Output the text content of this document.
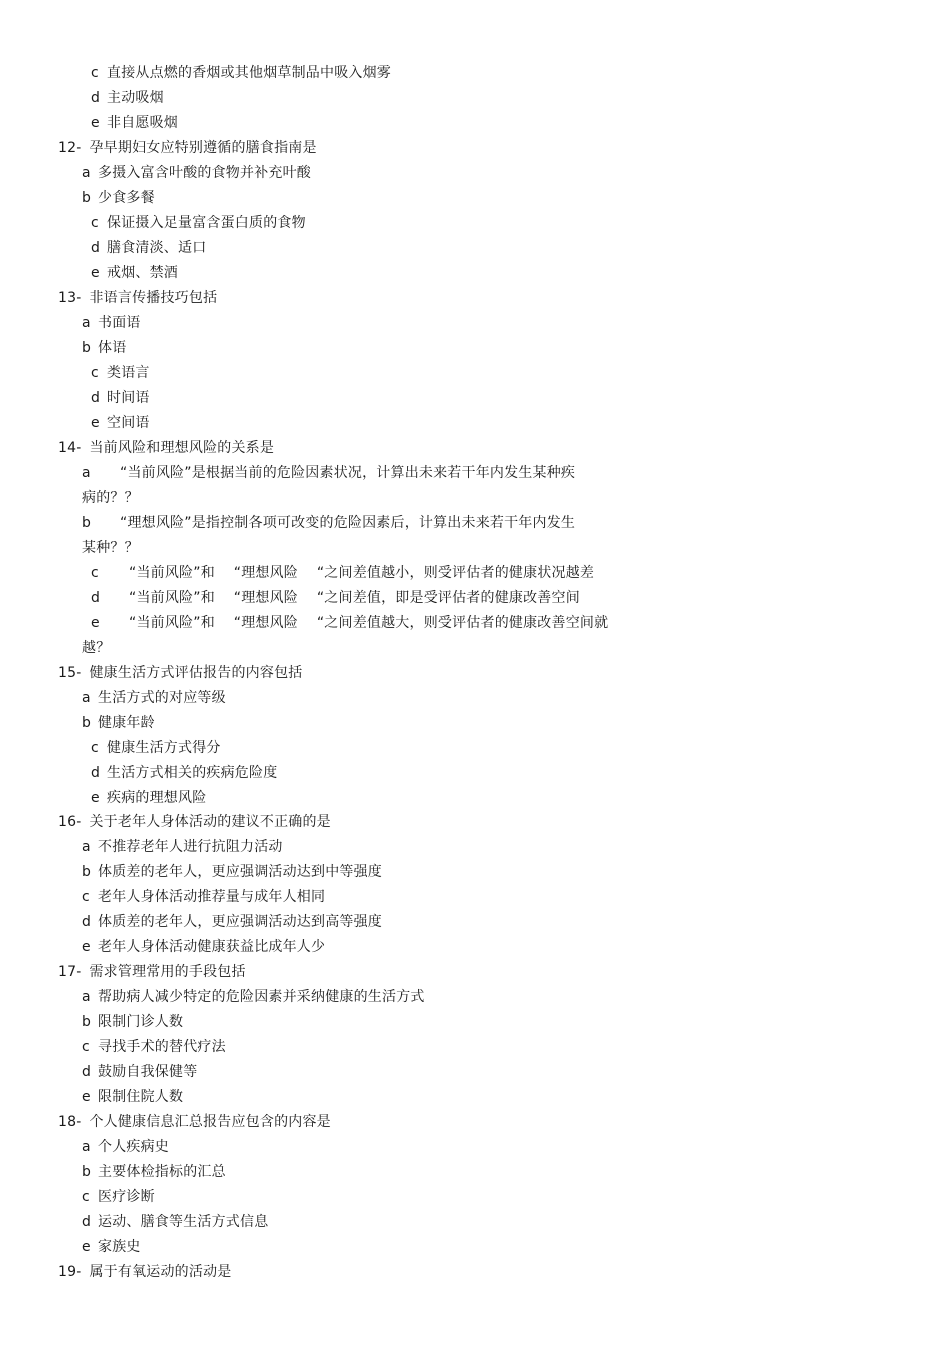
c 直接从点燃的香烟或其他烟草制品中吸入烟雾
d 主动吸烟
e 非自愿吸烟
12- 孕早期妇女应特别遵循的膳食指南是
a 多摄入富含叶酸的食物并补充叶酸
b 少食多餐
c 保证摄入足量富含蛋白质的食物
d 膳食清淡、适口
e 戒烟、禁酒
13- 非语言传播技巧包括
a 书面语
b 体语
c 类语言
d 时间语
e 空间语
14- 当前风险和理想风险的关系是
a “当前风险”是根据当前的危险因素状况，计算出未来若干年内发生某种疾
病的？？
b “理想风险”是指控制各项可改变的危险因素后，计算出未来若干年内发生
某种？？
c “当前风险”和　 “理想风险　 “之间差值越小，则受评估者的健康状况越差
d “当前风险”和　 “理想风险　 “之间差值，即是受评估者的健康改善空间
e “当前风险”和　 “理想风险　 “之间差值越大，则受评估者的健康改善空间就
越？
15- 健康生活方式评估报告的内容包括
a 生活方式的对应等级
b 健康年龄
c 健康生活方式得分
d 生活方式相关的疾病危险度
e 疾病的理想风险
16- 关于老年人身体活动的建议不正确的是
a 不推荐老年人进行抗阻力活动
b 体质差的老年人，更应强调活动达到中等强度
c 老年人身体活动推荐量与成年人相同
d 体质差的老年人，更应强调活动达到高等强度
e 老年人身体活动健康获益比成年人少
17- 需求管理常用的手段包括
a 帮助病人减少特定的危险因素并采纳健康的生活方式
b 限制门诊人数
c 寻找手术的替代疗法
d 鼓励自我保健等
e 限制住院人数
18- 个人健康信息汇总报告应包含的内容是
a 个人疾病史
b 主要体检指标的汇总
c 医疗诊断
d 运动、膳食等生活方式信息
e 家族史
19- 属于有氧运动的活动是
